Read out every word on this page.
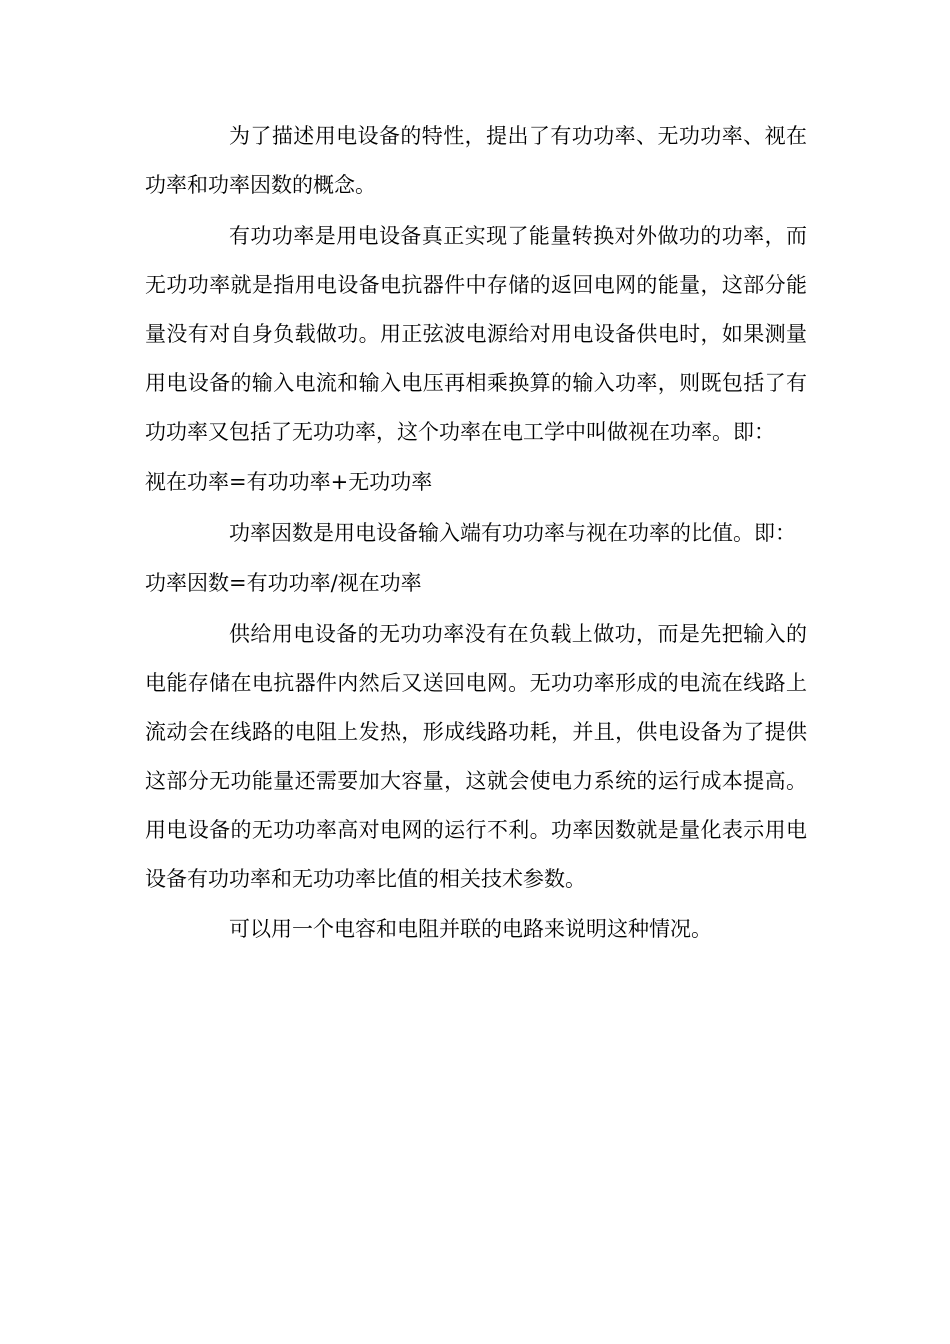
为了描述用电设备的特性，提出了有功功率、无功功率、视在功率和功率因数的概念。

有功功率是用电设备真正实现了能量转换对外做功的功率，而无功功率就是指用电设备电抗器件中存储的返回电网的能量，这部分能量没有对自身负载做功。用正弦波电源给对用电设备供电时，如果测量用电设备的输入电流和输入电压再相乘换算的输入功率，则既包括了有功功率又包括了无功功率，这个功率在电工学中叫做视在功率。即：

视在功率=有功功率+无功功率

功率因数是用电设备输入端有功功率与视在功率的比值。即：

功率因数=有功功率/视在功率

供给用电设备的无功功率没有在负载上做功，而是先把输入的电能存储在电抗器件内然后又送回电网。无功功率形成的电流在线路上流动会在线路的电阻上发热，形成线路功耗，并且，供电设备为了提供这部分无功能量还需要加大容量，这就会使电力系统的运行成本提高。用电设备的无功功率高对电网的运行不利。功率因数就是量化表示用电设备有功功率和无功功率比值的相关技术参数。

可以用一个电容和电阻并联的电路来说明这种情况。
